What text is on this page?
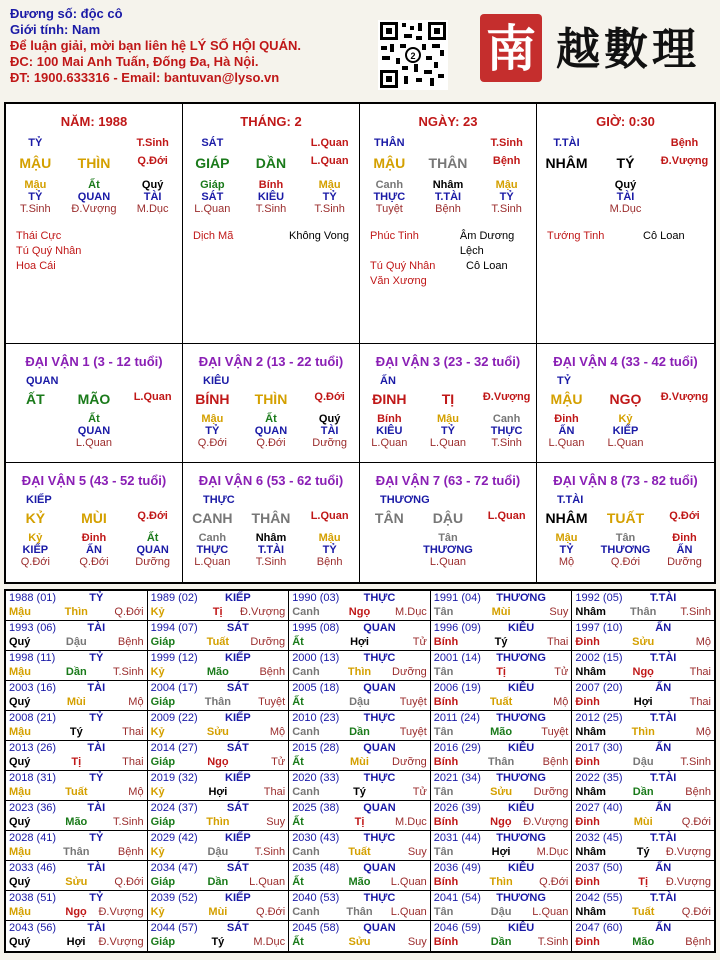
Đương số: độc cô
Giới tính: Nam
Để luận giải, mời bạn liên hệ LÝ SỐ HỘI QUÁN.
ĐC: 100 Mai Anh Tuấn, Đống Đa, Hà Nội.
ĐT: 1900.633316 - Email: bantuvan@lyso.vn
2 南 越數理
NĂM: 1988
TỶ	T.Sinh
MẬU	THÌN	Q.Đới
Mậu	Ất	Quý
TỶ	QUAN	TÀI
T.Sinh	Đ.Vượng	M.Dục
Thái Cực
Tú Quý Nhân
Hoa Cái
THÁNG: 2
SÁT	L.Quan
GIÁP	DẦN	L.Quan
Giáp	Bính	Mậu
SÁT	KIÊU	TỶ
L.Quan	T.Sinh	T.Sinh
Dịch Mã	Không Vong
NGÀY: 23
THÂN	T.Sinh
MẬU	THÂN	Bệnh
Canh	Nhâm	Mậu
THỰC	T.TÀI	TỶ
Tuyệt	Bệnh	T.Sinh
Phúc Tinh	Âm Dương Lệch
Tú Quý Nhân	Cô Loan
Văn Xương
GIỜ: 0:30
T.TÀI	Bệnh
NHÂM	TÝ	Đ.Vượng
Quý
TÀI
M.Dục
Tướng Tinh	Cô Loan
ĐẠI VẬN 1 (3 - 12 tuổi)
QUAN
ẤT	MÃO	L.Quan
Ất
QUAN
L.Quan
ĐẠI VẬN 2 (13 - 22 tuổi)
KIÊU
BÍNH	THÌN	Q.Đới
Mậu	Ất	Quý
TỶ	QUAN	TÀI
Q.Đới	Q.Đới	Dưỡng
ĐẠI VẬN 3 (23 - 32 tuổi)
ẤN
ĐINH	TỊ	Đ.Vượng
Bính	Mậu	Canh
KIÊU	TỶ	THỰC
L.Quan	L.Quan	T.Sinh
ĐẠI VẬN 4 (33 - 42 tuổi)
TỶ
MẬU	NGỌ	Đ.Vượng
Đinh	Kỷ
ẤN	KIẾP
L.Quan	L.Quan
ĐẠI VẬN 5 (43 - 52 tuổi)
KIẾP
KỶ	MÙI	Q.Đới
Kỷ	Đinh	Ất
KIẾP	ẤN	QUAN
Q.Đới	Q.Đới	Dưỡng
ĐẠI VẬN 6 (53 - 62 tuổi)
THỰC
CANH	THÂN	L.Quan
Canh	Nhâm	Mậu
THỰC	T.TÀI	TỶ
L.Quan	T.Sinh	Bệnh
ĐẠI VẬN 7 (63 - 72 tuổi)
THƯƠNG
TÂN	DẬU	L.Quan
Tân
THƯƠNG
L.Quan
ĐẠI VẬN 8 (73 - 82 tuổi)
T.TÀI
NHÂM	TUẤT	Q.Đới
Mậu	Tân	Đinh
TỶ	THƯƠNG	ẤN
Mộ	Q.Đới	Dưỡng
1988 (01)	TỶ
Mậu	Thìn	Q.Đới
1989 (02)	KIẾP
Kỷ	Tị	Đ.Vượng
1990 (03)	THỰC
Canh	Ngọ	M.Dục
1991 (04)	THƯƠNG
Tân	Mùi	Suy
1992 (05)	T.TÀI
Nhâm	Thân	T.Sinh
1993 (06)	TÀI
Quý	Dậu	Bệnh
1994 (07)	SÁT
Giáp	Tuất	Dưỡng
1995 (08)	QUAN
Ất	Hợi	Tử
1996 (09)	KIÊU
Bính	Tý	Thai
1997 (10)	ẤN
Đinh	Sửu	Mộ
1998 (11)	TỶ
Mậu	Dần	T.Sinh
1999 (12)	KIẾP
Kỷ	Mão	Bệnh
2000 (13)	THỰC
Canh	Thìn	Dưỡng
2001 (14)	THƯƠNG
Tân	Tị	Tử
2002 (15)	T.TÀI
Nhâm	Ngọ	Thai
2003 (16)	TÀI
Quý	Mùi	Mộ
2004 (17)	SÁT
Giáp	Thân	Tuyệt
2005 (18)	QUAN
Ất	Dậu	Tuyệt
2006 (19)	KIÊU
Bính	Tuất	Mộ
2007 (20)	ẤN
Đinh	Hợi	Thai
2008 (21)	TỶ
Mậu	Tý	Thai
2009 (22)	KIẾP
Kỷ	Sửu	Mộ
2010 (23)	THỰC
Canh	Dần	Tuyệt
2011 (24)	THƯƠNG
Tân	Mão	Tuyệt
2012 (25)	T.TÀI
Nhâm	Thìn	Mộ
2013 (26)	TÀI
Quý	Tị	Thai
2014 (27)	SÁT
Giáp	Ngọ	Tử
2015 (28)	QUAN
Ất	Mùi	Dưỡng
2016 (29)	KIÊU
Bính	Thân	Bệnh
2017 (30)	ẤN
Đinh	Dậu	T.Sinh
2018 (31)	TỶ
Mậu	Tuất	Mộ
2019 (32)	KIẾP
Kỷ	Hợi	Thai
2020 (33)	THỰC
Canh	Tý	Tử
2021 (34)	THƯƠNG
Tân	Sửu	Dưỡng
2022 (35)	T.TÀI
Nhâm	Dần	Bệnh
2023 (36)	TÀI
Quý	Mão	T.Sinh
2024 (37)	SÁT
Giáp	Thìn	Suy
2025 (38)	QUAN
Ất	Tị	M.Dục
2026 (39)	KIÊU
Bính	Ngọ	Đ.Vượng
2027 (40)	ẤN
Đinh	Mùi	Q.Đới
2028 (41)	TỶ
Mậu	Thân	Bệnh
2029 (42)	KIẾP
Kỷ	Dậu	T.Sinh
2030 (43)	THỰC
Canh	Tuất	Suy
2031 (44)	THƯƠNG
Tân	Hợi	M.Dục
2032 (45)	T.TÀI
Nhâm	Tý	Đ.Vượng
2033 (46)	TÀI
Quý	Sửu	Q.Đới
2034 (47)	SÁT
Giáp	Dần	L.Quan
2035 (48)	QUAN
Ất	Mão	L.Quan
2036 (49)	KIÊU
Bính	Thìn	Q.Đới
2037 (50)	ẤN
Đinh	Tị	Đ.Vượng
2038 (51)	TỶ
Mậu	Ngọ	Đ.Vượng
2039 (52)	KIẾP
Kỷ	Mùi	Q.Đới
2040 (53)	THỰC
Canh	Thân	L.Quan
2041 (54)	THƯƠNG
Tân	Dậu	L.Quan
2042 (55)	T.TÀI
Nhâm	Tuất	Q.Đới
2043 (56)	TÀI
Quý	Hợi	Đ.Vượng
2044 (57)	SÁT
Giáp	Tý	M.Dục
2045 (58)	QUAN
Ất	Sửu	Suy
2046 (59)	KIÊU
Bính	Dần	T.Sinh
2047 (60)	ẤN
Đinh	Mão	Bệnh
